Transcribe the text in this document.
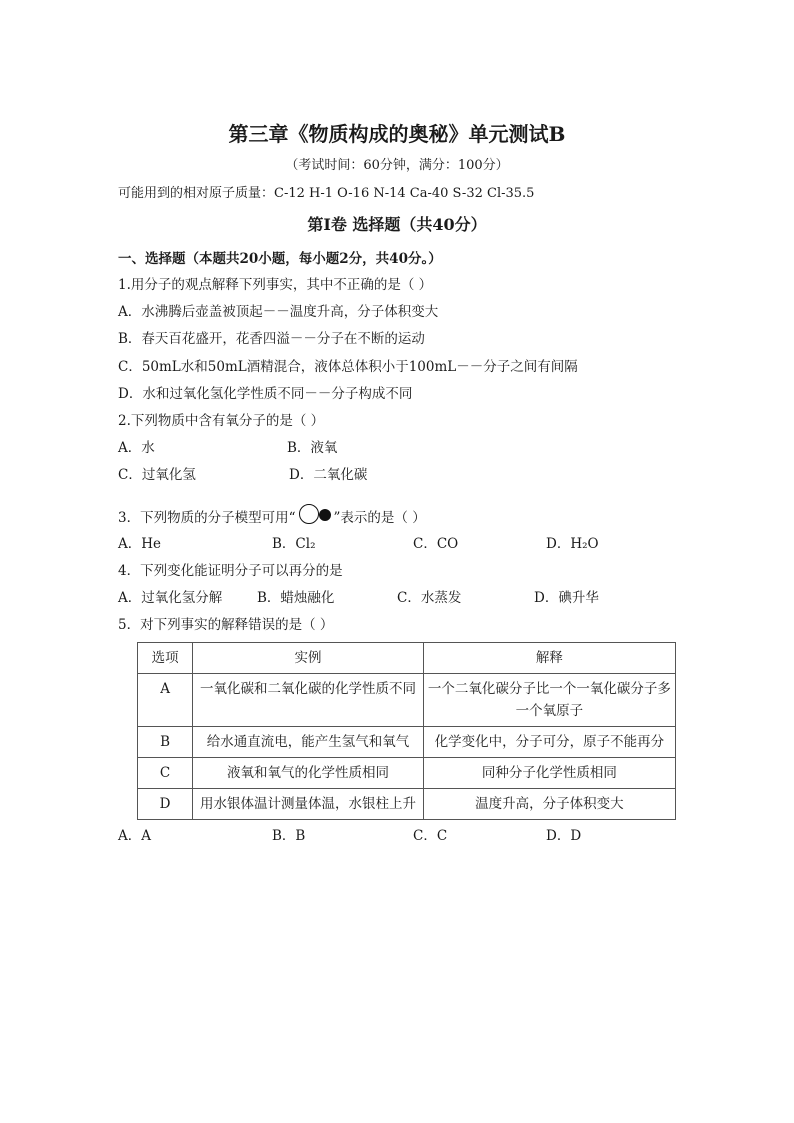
第三章《物质构成的奥秘》单元测试B
（考试时间：60分钟，满分：100分）
可能用到的相对原子质量：C-12 H-1 O-16 N-14 Ca-40 S-32 Cl-35.5
第Ⅰ卷 选择题（共40分）
一、选择题（本题共20小题，每小题2分，共40分。）
1.用分子的观点解释下列事实，其中不正确的是（ ）
A．水沸腾后壶盖被顶起－－温度升高，分子体积变大
B．春天百花盛开，花香四溢－－分子在不断的运动
C．50mL水和50mL酒精混合，液体总体积小于100mL－－分子之间有间隔
D．水和过氧化氢化学性质不同－－分子构成不同
2.下列物质中含有氧分子的是（ ）
A．水	B．液氧
C．过氧化氢	D．二氧化碳
3．下列物质的分子模型可用“	”表示的是（ ）
A．He	B．Cl₂	C．CO	D．H₂O
4．下列变化能证明分子可以再分的是
A．过氧化氢分解	B．蜡烛融化	C．水蒸发	D．碘升华
5．对下列事实的解释错误的是（ ）
选项	实例	解释
A	一氧化碳和二氧化碳的化学性质不同	一个二氧化碳分子比一个一氧化碳分子多一个氧原子
B	给水通直流电，能产生氢气和氧气	化学变化中，分子可分，原子不能再分
C	液氧和氧气的化学性质相同	同种分子化学性质相同
D	用水银体温计测量体温，水银柱上升	温度升高，分子体积变大
A．A	B．B	C．C	D．D
